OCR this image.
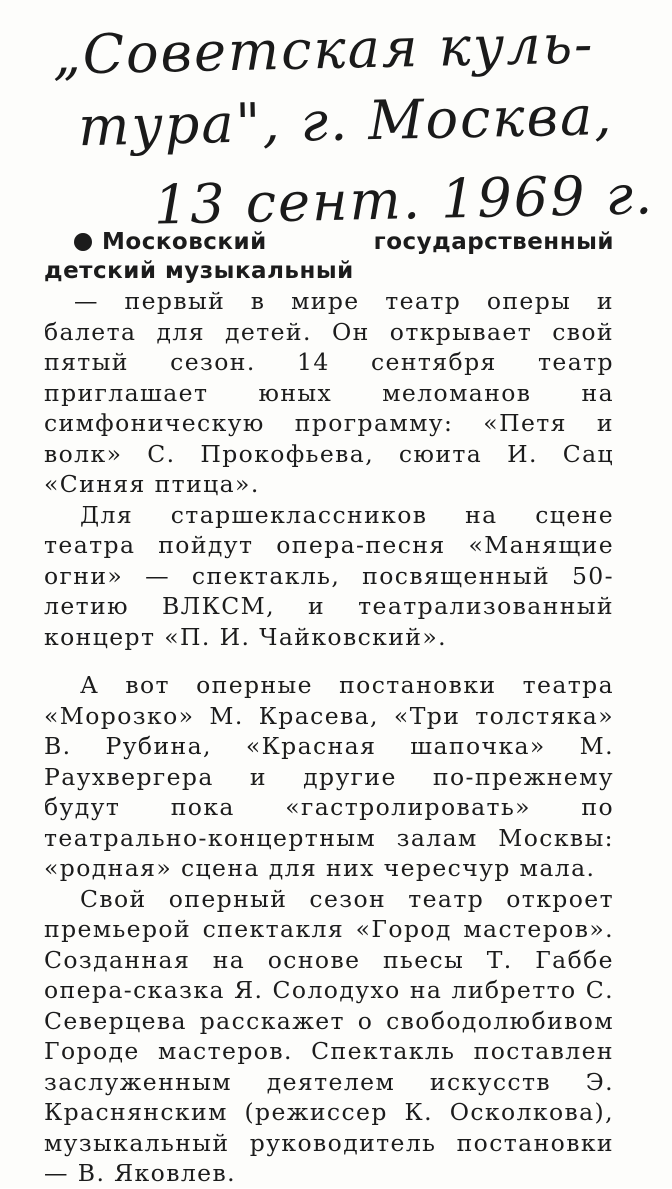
„Советская куль-
тура", г. Москва,
13 сент. 1969 г.
Московский государственный детский музыкальный

— первый в мире театр оперы и балета для детей. Он открывает свой пятый сезон. 14 сентября театр приглашает юных меломанов на симфоническую программу: «Петя и волк» С. Прокофьева, сюита И. Сац «Синяя птица».

Для старшеклассников на сцене театра пойдут опера-песня «Манящие огни» — спектакль, посвященный 50-летию ВЛКСМ, и театрализованный концерт «П. И. Чайковский».

А вот оперные постановки театра «Морозко» М. Красева, «Три толстяка» В. Рубина, «Красная шапочка» М. Раухвергера и другие по-прежнему будут пока «гастролировать» по театрально-концертным залам Москвы: «родная» сцена для них чересчур мала.

Свой оперный сезон театр откроет премьерой спектакля «Город мастеров». Созданная на основе пьесы Т. Габбе опера-сказка Я. Солодухо на либретто С. Северцева расскажет о свободолюбивом Городе мастеров. Спектакль поставлен заслуженным деятелем искусств Э. Краснянским (режиссер К. Осколкова), музыкальный руководитель постановки — В. Яковлев.
